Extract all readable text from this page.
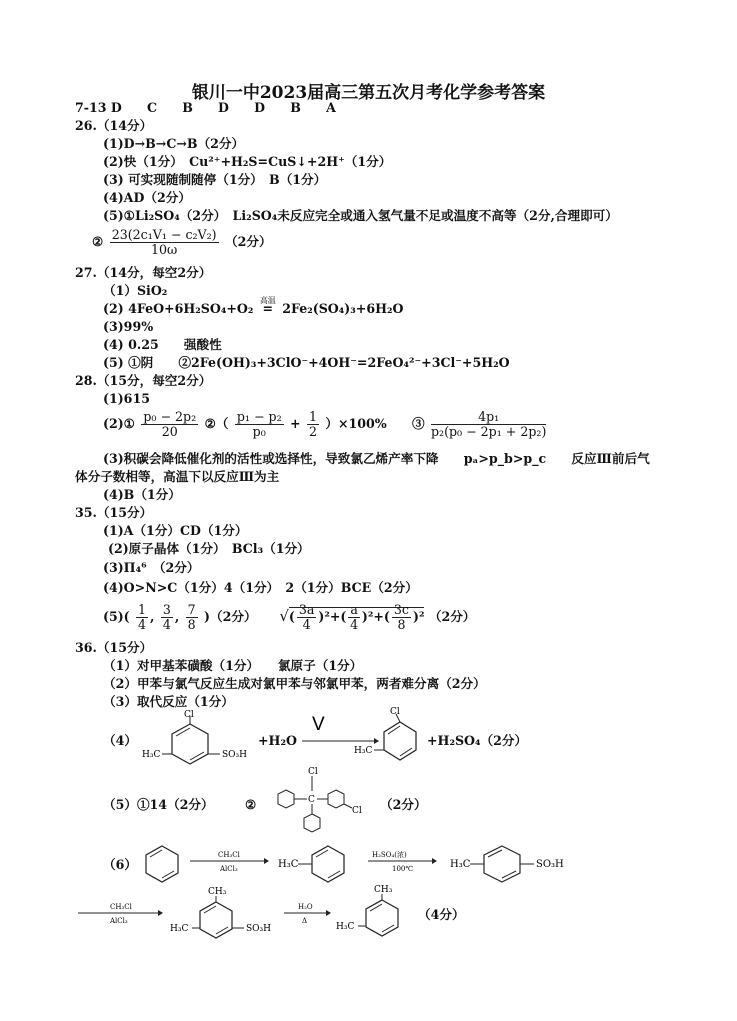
银川一中2023届高三第五次月考化学参考答案
7-13 D　　C　　B　　D　　D　　B　　A
26.（14分）
(1)D→B→C→B（2分）
(2)快（1分）　Cu²⁺+H₂S=CuS↓+2H⁺（1分）
(3) 可实现随制随停（1分）　B（1分）
(4)AD（2分）
(5)①Li₂SO₄（2分）　Li₂SO₄未反应完全或通入氢气量不足或温度不高等（2分,合理即可）
② $\frac{\text{23(2c₁V₁ − c₂V₂)}}{10\omega} (2$分）
27.（14分，每空2分）
（1）SiO₂
(2) 4FeO+6H₂SO₄+O₂
高温
= 2Fe₂(SO₄)₃+6H₂O
(3)99%
(4) 0.25　　强酸性
(5) ①阴　　②2Fe(OH)₃+3ClO⁻+4OH⁻=2FeO₄²⁻+3Cl⁻+5H₂O
28.（15分，每空2分）
(1)615
(2)① $\frac{\text{p₀ − 2p₂}}{20}$ ②（ $\frac{\text{p₁ − p₂}}{\text{p₀}} + \frac{1}{2} )\times 100\%$　　③ $\frac{\text{4p₁}}{\text{p₂(p₀ − 2p₁ + 2p₂)}}$
(3)积碳会降低催化剂的活性或选择性，导致氯乙烯产率下降　　pₐ>p_b>p_c　　反应Ⅲ前后气
体分子数相等，高温下以反应Ⅲ为主
(4)B（1分）
35.（15分）
(1)A（1分）CD（1分）
(2)原子晶体（1分）　BCl₃（1分）
(3)Π₄⁶　（2分）
(4)O>N>C（1分）4（1分）　2（1分）BCE（2分）
$(5)( \frac{1}{4}$ , $\frac{3}{4}$ , $\frac{7}{8} )(2$分） √( $\frac{3a}{4} )^2+( \frac{a}{4} )^2+( \frac{3c}{8} )^2$ （2分）
36.（15分）
（1）对甲基苯磺酸（1分）　　氯原子（1分）
（2）甲苯与氯气反应生成对氯甲苯与邻氯甲苯，两者难分离（2分）
（3）取代反应（1分）
（4）
Cl
H₃C	SO₃H
+H₂O
V
Cl
H₃C
+H₂SO₄（2分）
（5）①14（2分） ②
Cl
C
Cl （2分）
（6）
CH₃Cl
AlCl₃	H₃C
H₂SO₄(浓)
100℃	H₃C	SO₃H
CH₃Cl
AlCl₃
CH₃
H₃C	SO₃H
H₂O
Δ
CH₃
H₃C
（4分）
